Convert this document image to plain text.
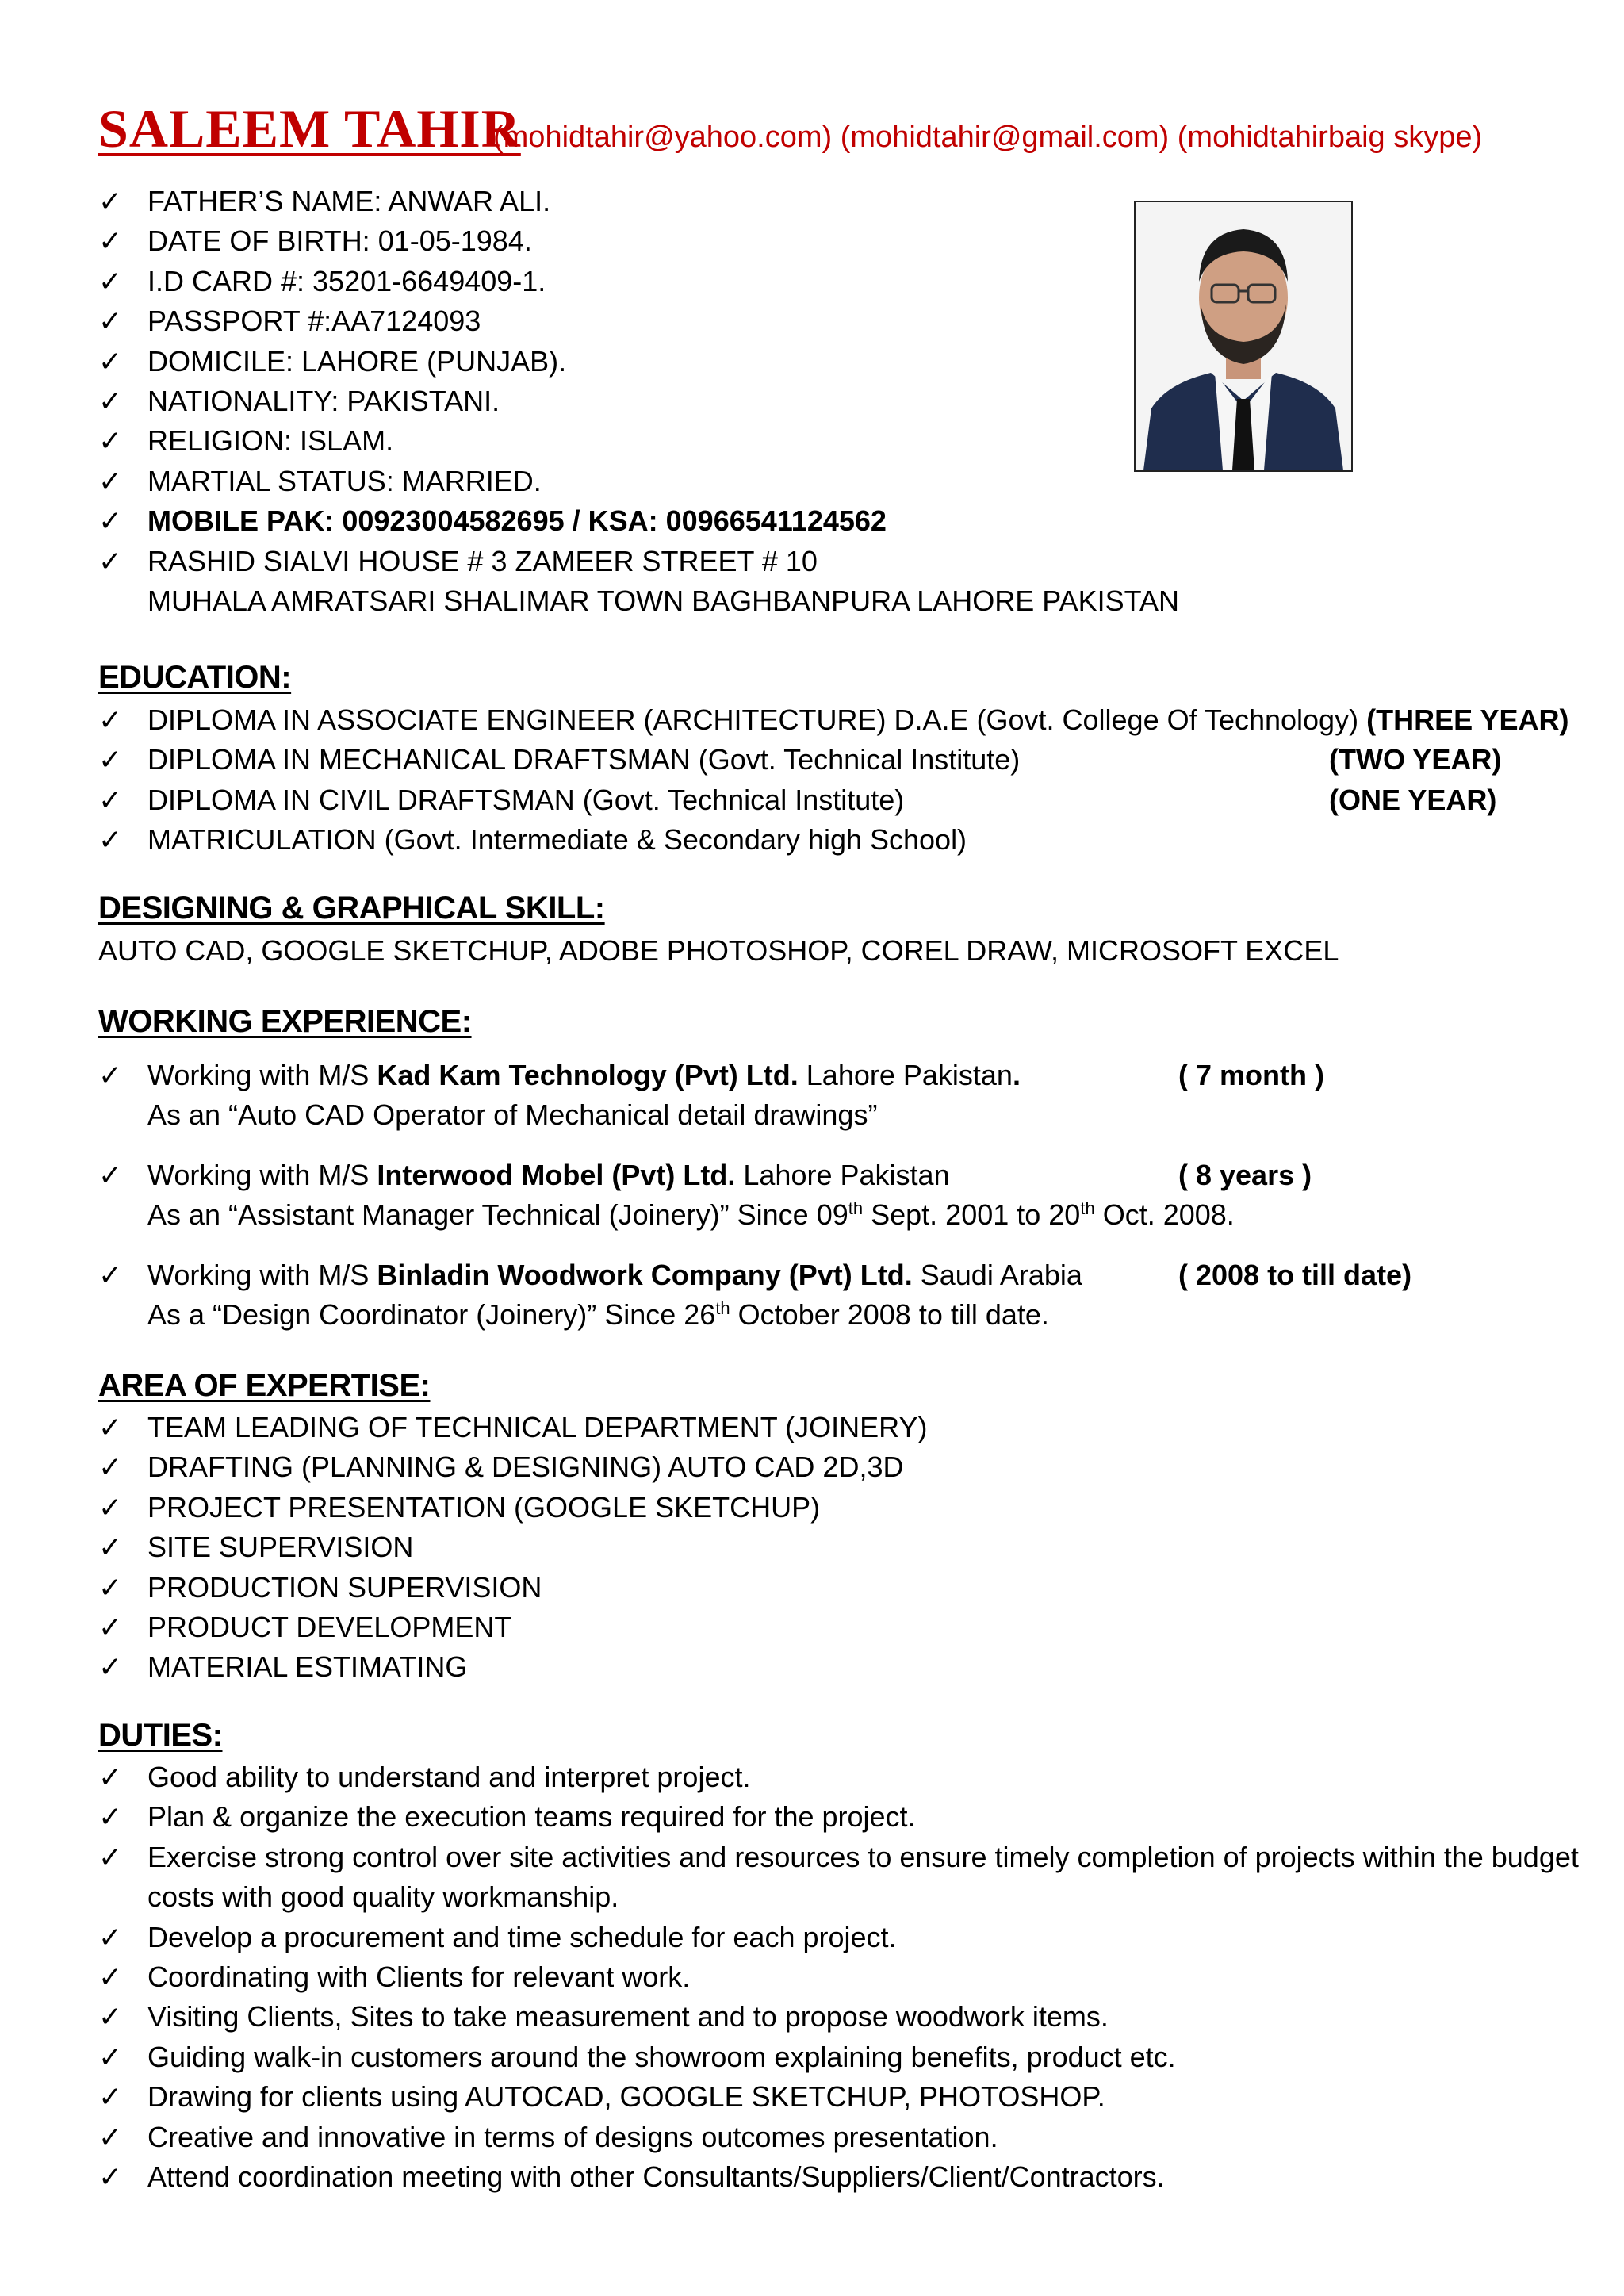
SALEEM TAHIR
(mohidtahir@yahoo.com) (mohidtahir@gmail.com) (mohidtahirbaig skype)
✓ FATHER’S NAME: ANWAR ALI.
✓ DATE OF BIRTH: 01-05-1984.
✓ I.D CARD #: 35201-6649409-1.
✓ PASSPORT #:AA7124093
✓ DOMICILE: LAHORE (PUNJAB).
✓ NATIONALITY: PAKISTANI.
✓ RELIGION: ISLAM.
✓ MARTIAL STATUS: MARRIED.
✓ MOBILE PAK: 00923004582695 / KSA: 00966541124562
✓ RASHID SIALVI HOUSE # 3 ZAMEER STREET # 10
MUHALA AMRATSARI SHALIMAR TOWN BAGHBANPURA LAHORE PAKISTAN
EDUCATION:
✓ DIPLOMA IN ASSOCIATE ENGINEER (ARCHITECTURE) D.A.E (Govt. College Of Technology) (THREE YEAR)
✓ DIPLOMA IN MECHANICAL DRAFTSMAN (Govt. Technical Institute)	(TWO YEAR)
✓ DIPLOMA IN CIVIL DRAFTSMAN (Govt. Technical Institute)	(ONE YEAR)
✓ MATRICULATION (Govt. Intermediate & Secondary high School)
DESIGNING & GRAPHICAL SKILL:
AUTO CAD, GOOGLE SKETCHUP, ADOBE PHOTOSHOP, COREL DRAW, MICROSOFT EXCEL
WORKING EXPERIENCE:
✓ Working with M/S Kad Kam Technology (Pvt) Ltd. Lahore Pakistan.	( 7 month )
As an “Auto CAD Operator of Mechanical detail drawings”
✓ Working with M/S Interwood Mobel (Pvt) Ltd. Lahore Pakistan	( 8 years )
As an “Assistant Manager Technical (Joinery)” Since 09th Sept. 2001 to 20th Oct. 2008.
✓ Working with M/S Binladin Woodwork Company (Pvt) Ltd. Saudi Arabia	( 2008 to till date)
As a “Design Coordinator (Joinery)” Since 26th October 2008 to till date.
AREA OF EXPERTISE:
✓ TEAM LEADING OF TECHNICAL DEPARTMENT (JOINERY)
✓ DRAFTING (PLANNING & DESIGNING) AUTO CAD 2D,3D
✓ PROJECT PRESENTATION (GOOGLE SKETCHUP)
✓ SITE SUPERVISION
✓ PRODUCTION SUPERVISION
✓ PRODUCT DEVELOPMENT
✓ MATERIAL ESTIMATING
DUTIES:
✓ Good ability to understand and interpret project.
✓ Plan & organize the execution teams required for the project.
✓ Exercise strong control over site activities and resources to ensure timely completion of projects within the budget costs with good quality workmanship.
✓ Develop a procurement and time schedule for each project.
✓ Coordinating with Clients for relevant work.
✓ Visiting Clients, Sites to take measurement and to propose woodwork items.
✓ Guiding walk-in customers around the showroom explaining benefits, product etc.
✓ Drawing for clients using AUTOCAD, GOOGLE SKETCHUP, PHOTOSHOP.
✓ Creative and innovative in terms of designs outcomes presentation.
✓ Attend coordination meeting with other Consultants/Suppliers/Client/Contractors.
